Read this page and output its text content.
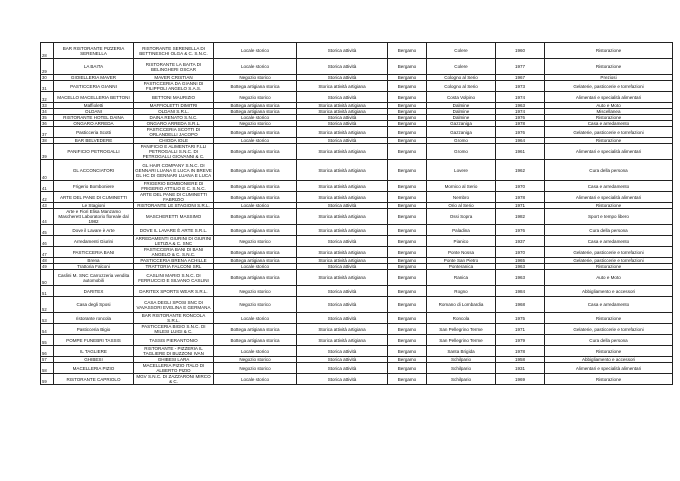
28	BAR RISTORANTE PIZZERIA SERENELLA	RISTORANTE SERENELLA DI BETTINESCHI OLGA & C. S.N.C.	Locale storico	Storica attività	Bergamo	Colere	1960	Ristorazione
29	LA BAITA	RISTORANTE LA BAITA DI BELINGHERI OSCAR	Locale storico	Storica attività	Bergamo	Colere	1977	Ristorazione
30	GIOIELLERIA MAVER	MAVER CRISTIAN	Negozio storico	Storica attività	Bergamo	Cologno al Serio	1967	Preziosi
31	PASTICCERIA GIANNI	PASTICCERIA DA GIANNI DI FILIPPOLI ANGELO S.A.S.	Bottega artigiana storica	Storica attività artigiana	Bergamo	Cologno al Serio	1973	Gelaterie, pasticcerie e torrefazioni
32	MACELLO MACELLERIA BETTONI	BETTONI MAURIZIO	Negozio storico	Storica attività	Bergamo	Costa Volpino	1974	Alimentari e specialità alimentari
33	Maffioletti	MAFFIOLETTI DIMITRI	Bottega artigiana storica	Storica attività artigiana	Bergamo	Dalmine	1963	Auto e Moto
34	OLDANI	OLDANI S.R.L.	Bottega artigiana storica	Storica attività artigiana	Bergamo	Dalmine	1974	Miscellanea
35	RISTORANTE HOTEL DAINA	DAINA RENATO S.N.C.	Locale storico	Storica attività	Bergamo	Dalmine	1976	Ristorazione
36	ONGARO ARREDA	ONGARO ARREDA S.R.L.	Negozio storico	Storica attività	Bergamo	Gazzaniga	1978	Casa e arredamento
37	Pasticceria Scotti	PASTICCERIA SCOTTI DI ORLANDELLI JACOPO	Bottega artigiana storica	Storica attività artigiana	Bergamo	Gazzaniga	1976	Gelaterie, pasticcerie e torrefazioni
38	BAR BELVEDERE	CHIODA IOLE	Locale storico	Storica attività	Bergamo	Gromo	1964	Ristorazione
39	PANIFICIO PETROGALLI	PANIFICIO E ALIMENTARI F.LLI PETROGALLI S.N.C. DI PETROGALLI GIOVANNI & C.	Bottega artigiana storica	Storica attività artigiana	Bergamo	Gromo	1961	Alimentari e specialità alimentari
40	GL ACCONCIATORI	GL HAIR COMPANY S.N.C. DI GENNARI LUANA E LUCA IN BREVE GL HC DI GENNARI LUANA E LUCA	Bottega artigiana storica	Storica attività artigiana	Bergamo	Lovere	1962	Cura della persona
41	Frigerio Bomboniere	FRIGERIO BOMBONIERE DI FRIGERIO ATTILIO E C. S.N.C.	Bottega artigiana storica	Storica attività artigiana	Bergamo	Mornico al Serio	1970	Casa e arredamento
42	ARTE DEL PANE DI CUMINETTI	ARTE DEL PANE DI CUMINETTI FABRIZIO	Bottega artigiana storica	Storica attività artigiana	Bergamo	Nembro	1978	Alimentari e specialità alimentari
43	Le Stagioni	RISTORANTE LE STAGIONI S.R.L.	Locale storico	Storica attività	Bergamo	Orio al Serio	1971	Ristorazione
44	Arte e Fiori Elisa Manzamo Mascherett Laboratorio floreale dal 1982	MASCHERETTI MASSIMO	Bottega artigiana storica	Storica attività artigiana	Bergamo	Ossi Sopra	1982	Sport e tempo libero
45	Dove il Lavare è Arte	DOVE IL LAVARE È ARTE S.R.L.	Bottega artigiana storica	Storica attività artigiana	Bergamo	Paladina	1976	Cura della persona
46	Arredamenti Giurini	ARREDAMENTI GIURINI DI GIURINI LETIZIA & C. SNC	Negozio storico	Storica attività	Bergamo	Pianico	1937	Casa e arredamento
47	PASTICCERIA BANI	PASTICCERIA BANI DI BANI ANGELO & C. S.N.C.	Bottega artigiana storica	Storica attività artigiana	Bergamo	Ponte Nossa	1970	Gelaterie, pasticcerie e torrefazioni
48	Brena	PASTICCERIA BRENA ACHILLE	Bottega artigiana storica	Storica attività artigiana	Bergamo	Ponte San Pietro	1965	Gelaterie, pasticcerie e torrefazioni
49	Trattoria Falconi	TRATTORIA FALCONI SRL	Locale storico	Storica attività	Bergamo	Ponteranica	1963	Ristorazione
50	Caslini M. SNC Carrozzeria vendita automobili	CASLINI MARIO S.N.C. DI FERRUCCIO E SILVANO CASLINI	Bottega artigiana storica	Storica attività artigiana	Bergamo	Ranica	1963	Auto e Moto
51	DARITEX	DARITEX SPORTS WEAR S.R.L.	Negozio storico	Storica attività	Bergamo	Rogno	1984	Abbigliamento e accessori
52	Casa degli Sposi	CASA DEGLI SPOSI SNC DI VAVASSORI EVELINA E GERMANA	Negozio storico	Storica attività	Bergamo	Romano di Lombardia	1968	Casa e arredamento
53	ristorante roncola	BAR RISTORANTE RONCOLA S.R.L.	Locale storico	Storica attività	Bergamo	Roncola	1975	Ristorazione
54	Pasticceria Bigio	PASTICCERIA BIGIO S.N.C. DI MILESI LUIGI & C.	Bottega artigiana storica	Storica attività artigiana	Bergamo	San Pellegrino Terme	1971	Gelaterie, pasticcerie e torrefazioni
55	POMPE FUNEBRI TASSIS	TASSIS PIERANTONIO	Bottega artigiana storica	Storica attività artigiana	Bergamo	San Pellegrino Terme	1979	Cura della persona
56	IL TAGLIERE	RISTORANTE - PIZZERIA IL TAGLIERE DI BUZZONI IVAN	Locale storico	Storica attività	Bergamo	Santa Brigida	1978	Ristorazione
57	GHIBESI	GHIBESI LARA	Negozio storico	Storica attività	Bergamo	Schilpario	1958	Abbigliamento e accessori
58	MACELLERIA PIZIO	MACELLERIA PIZIO ITALO DI ALBERTO PIZIO	Negozio storico	Storica attività	Bergamo	Schilpario	1931	Alimentari e specialità alimentari
59	RISTORANTE CAPRIOLO	MGV S.N.C. DI ZAZZARONI MIRCO & C.	Locale storico	Storica attività	Bergamo	Schilpario	1969	Ristorazione
